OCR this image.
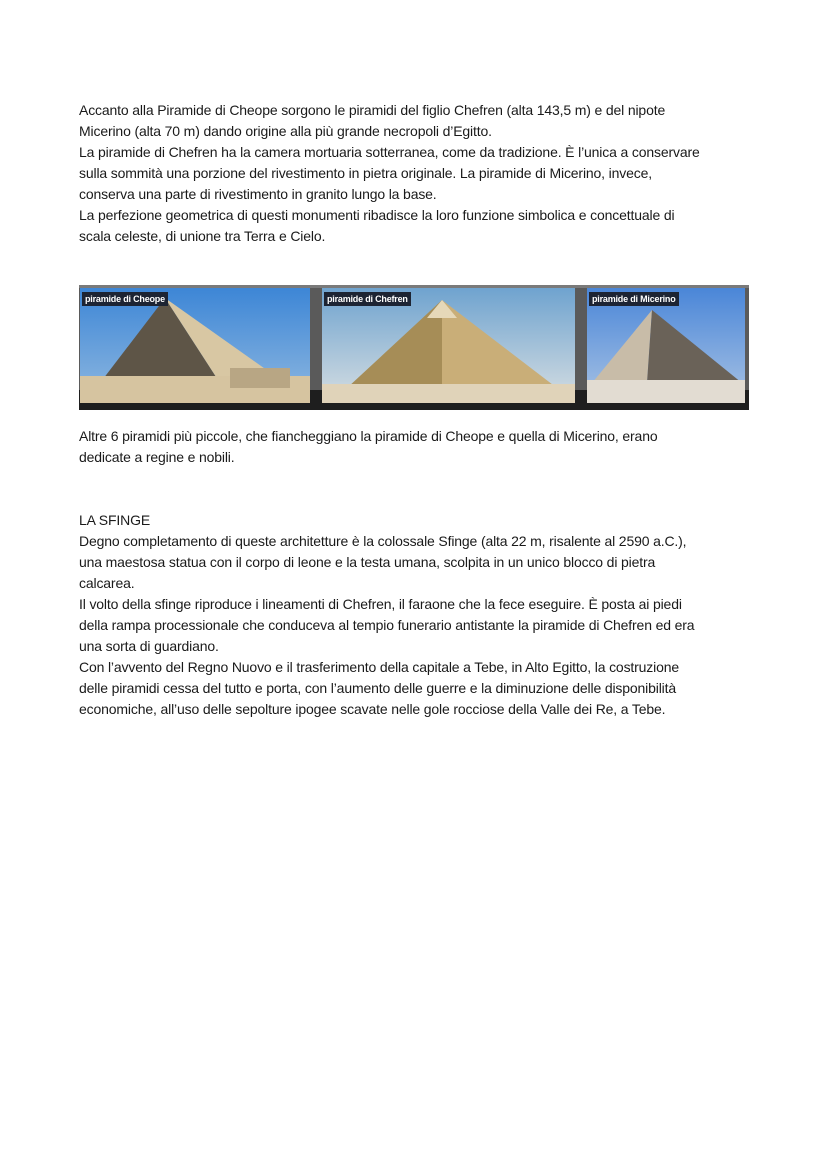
Accanto alla Piramide di Cheope sorgono le piramidi del figlio Chefren (alta 143,5 m) e del nipote
Micerino (alta 70 m) dando origine alla più grande necropoli d’Egitto.
La piramide di Chefren ha la camera mortuaria sotterranea, come da tradizione. È l’unica a conservare
sulla sommità una porzione del rivestimento in pietra originale. La piramide di Micerino, invece,
conserva una parte di rivestimento in granito lungo la base.
La perfezione geometrica di questi monumenti ribadisce la loro funzione simbolica e concettuale di
scala celeste, di unione tra Terra e Cielo.
piramide di Cheope	piramide di Chefren	piramide di Micerino
Altre 6 piramidi più piccole, che fiancheggiano la piramide di Cheope e quella di Micerino, erano
dedicate a regine e nobili.
LA SFINGE
Degno completamento di queste architetture è la colossale Sfinge (alta 22 m, risalente al 2590 a.C.),
una maestosa statua con il corpo di leone e la testa umana, scolpita in un unico blocco di pietra
calcarea.
Il volto della sfinge riproduce i lineamenti di Chefren, il faraone che la fece eseguire. È posta ai piedi
della rampa processionale che conduceva al tempio funerario antistante la piramide di Chefren ed era
una sorta di guardiano.
Con l’avvento del Regno Nuovo e il trasferimento della capitale a Tebe, in Alto Egitto, la costruzione
delle piramidi cessa del tutto e porta, con l’aumento delle guerre e la diminuzione delle disponibilità
economiche, all’uso delle sepolture ipogee scavate nelle gole rocciose della Valle dei Re, a Tebe.
